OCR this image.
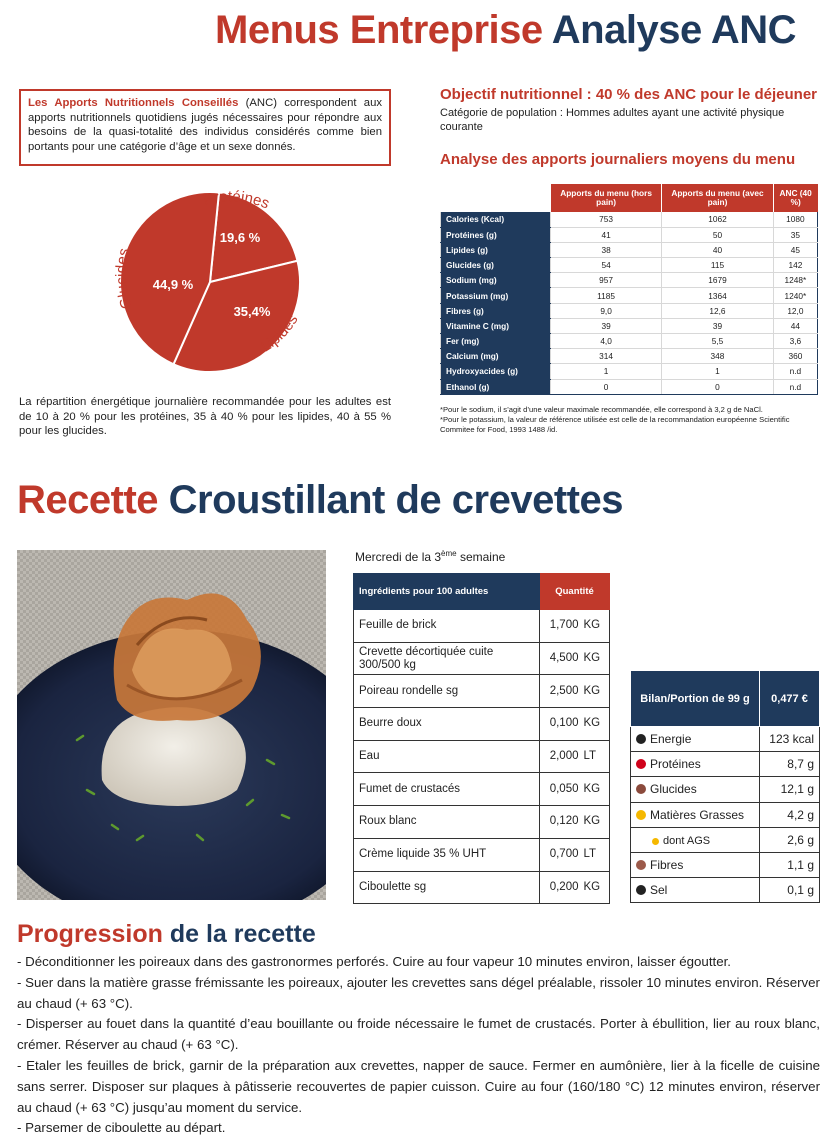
Menus Entreprise Analyse ANC
Les Apports Nutritionnels Conseillés (ANC) correspondent aux apports nutritionnels quotidiens jugés nécessaires pour répondre aux besoins de la quasi-totalité des individus considérés comme bien portants pour une catégorie d’âge et un sexe donnés.
Protéines
Lipides
Glucides
19,6 %
35,4%
44,9 %
La répartition énergétique journalière recommandée pour les adultes est de 10 à 20 % pour les protéines, 35 à 40 % pour les lipides, 40 à 55 % pour les glucides.
Objectif nutritionnel : 40 % des ANC pour le déjeuner
Catégorie de population : Hommes adultes ayant une activité physique courante
Analyse des apports journaliers moyens du menu
	Apports du menu (hors pain)	Apports du menu (avec pain)	ANC (40 %)
Calories (Kcal)	753	1062	1080
Protéines (g)	41	50	35
Lipides (g)	38	40	45
Glucides (g)	54	115	142
Sodium (mg)	957	1679	1248*
Potassium (mg)	1185	1364	1240*
Fibres (g)	9,0	12,6	12,0
Vitamine C (mg)	39	39	44
Fer (mg)	4,0	5,5	3,6
Calcium (mg)	314	348	360
Hydroxyacides (g)	1	1	n.d
Ethanol (g)	0	0	n.d
*Pour le sodium, il s’agit d’une valeur maximale recommandée, elle correspond à 3,2 g de NaCl.
*Pour le potassium, la valeur de référence utilisée est celle de la recommandation européenne Scientific Commitee for Food, 1993 1488 /id.
Recette Croustillant de crevettes
Mercredi de la 3ème semaine
Ingrédients pour 100 adultes	Quantité	
Feuille de brick	1,700	KG
Crevette décortiquée cuite 300/500 kg	4,500	KG
Poireau rondelle sg	2,500	KG
Beurre doux	0,100	KG
Eau	2,000	LT
Fumet de crustacés	0,050	KG
Roux blanc	0,120	KG
Crème liquide 35 % UHT	0,700	LT
Ciboulette sg	0,200	KG
Bilan/Portion de 99 g	0,477 €
Energie	123 kcal
Protéines	8,7 g
Glucides	12,1 g
Matières Grasses	4,2 g
dont AGS	2,6 g
Fibres	1,1 g
Sel	0,1 g
Progression de la recette

- Déconditionner les poireaux dans des gastronormes perforés. Cuire au four vapeur 10 minutes environ, laisser égoutter.

- Suer dans la matière grasse frémissante les poireaux, ajouter les crevettes sans dégel préalable, rissoler 10 minutes environ. Réserver au chaud (+ 63 °C).

- Disperser au fouet dans la quantité d’eau bouillante ou froide nécessaire le fumet de crustacés. Porter à ébullition, lier au roux blanc, crémer. Réserver au chaud (+ 63 °C).

- Etaler les feuilles de brick, garnir de la préparation aux crevettes, napper de sauce. Fermer en aumônière, lier à la ficelle de cuisine sans serrer. Disposer sur plaques à pâtisserie recouvertes de papier cuisson. Cuire au four (160/180 °C) 12 minutes environ, réserver au chaud (+ 63 °C) jusqu’au moment du service.

- Parsemer de ciboulette au départ.
